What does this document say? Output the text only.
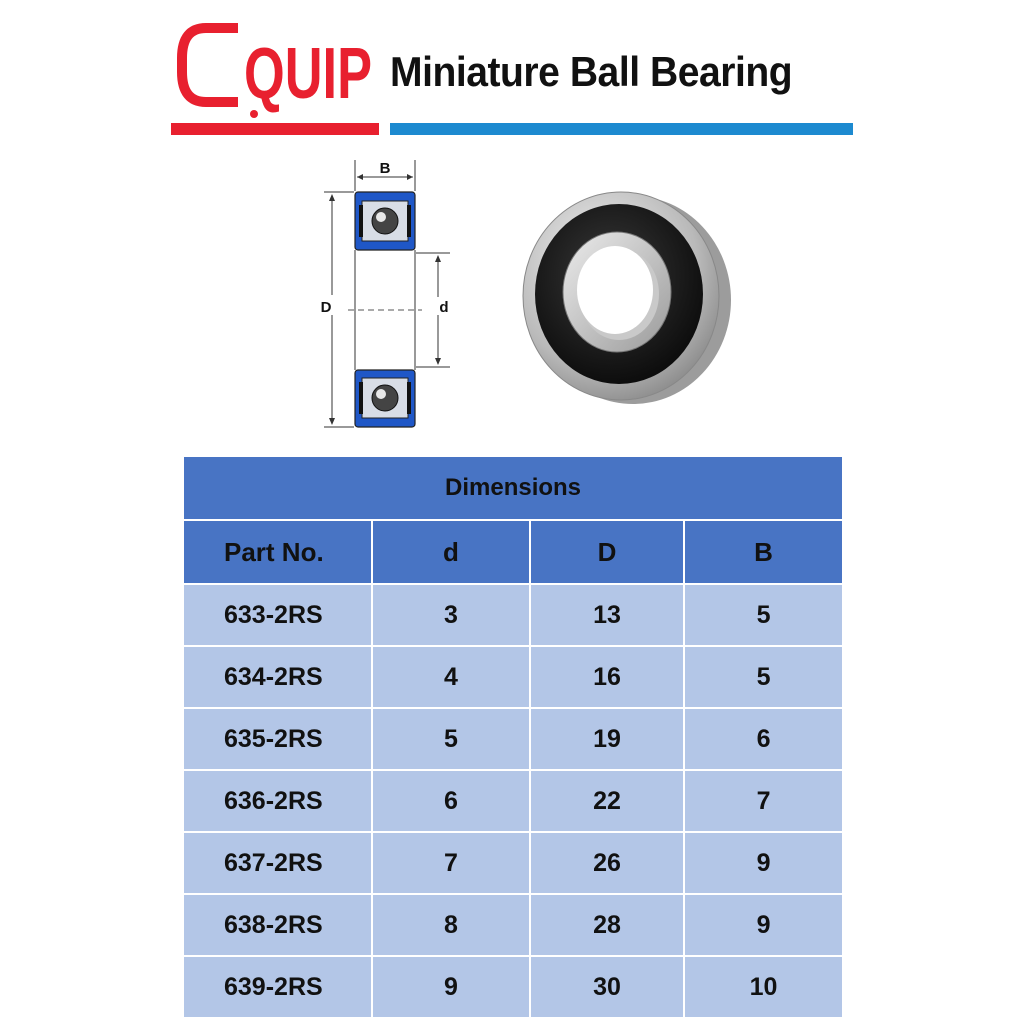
QUIP Miniature Ball Bearing
B
D	d
Dimensions			
Part No.	d	D	B
633-2RS	3	13	5
634-2RS	4	16	5
635-2RS	5	19	6
636-2RS	6	22	7
637-2RS	7	26	9
638-2RS	8	28	9
639-2RS	9	30	10
